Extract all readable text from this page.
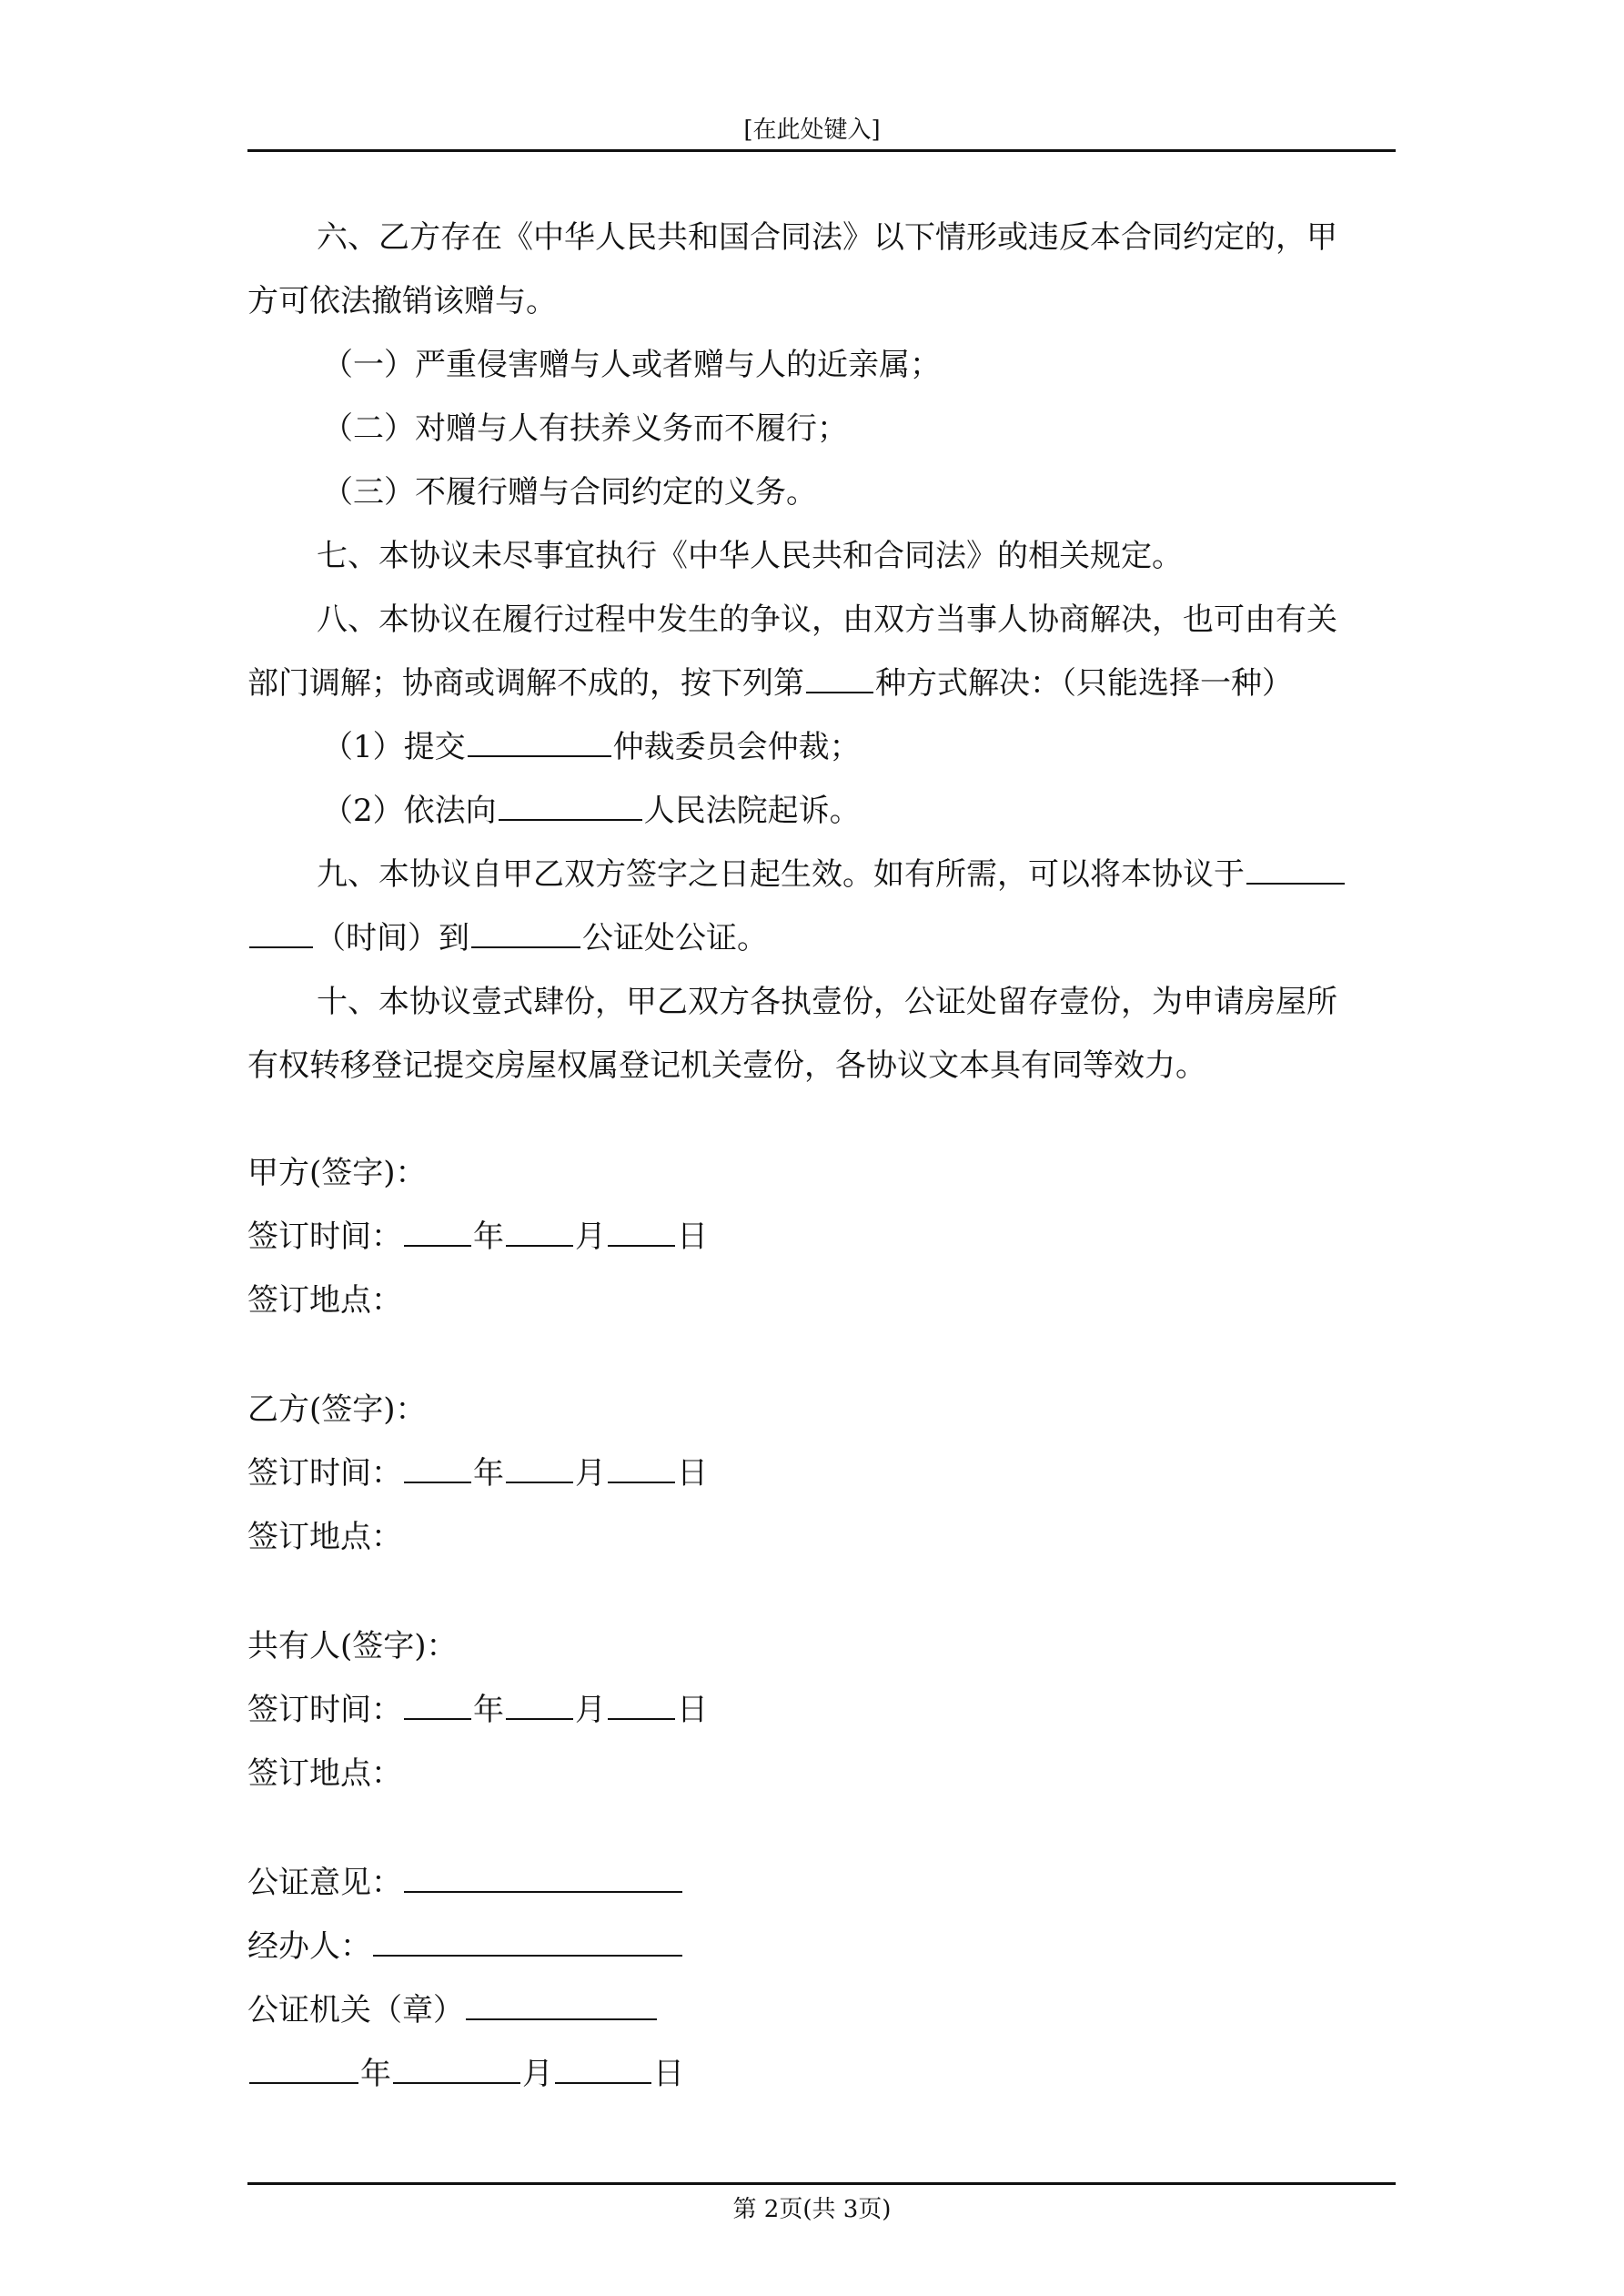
[在此处键入]
六、乙方存在《中华人民共和国合同法》以下情形或违反本合同约定的，甲
方可依法撤销该赠与。
（一）严重侵害赠与人或者赠与人的近亲属；
（二）对赠与人有扶养义务而不履行；
（三）不履行赠与合同约定的义务。
七、本协议未尽事宜执行《中华人民共和合同法》的相关规定。
八、本协议在履行过程中发生的争议，由双方当事人协商解决，也可由有关
部门调解；协商或调解不成的，按下列第 种方式解决：（只能选择一种）
（1）提交	仲裁委员会仲裁；
（2）依法向	人民法院起诉。
九、本协议自甲乙双方签字之日起生效。如有所需，可以将本协议于
（时间）到	公证处公证。
十、本协议壹式肆份，甲乙双方各执壹份，公证处留存壹份，为申请房屋所
有权转移登记提交房屋权属登记机关壹份，各协议文本具有同等效力。
甲方(签字)：
签订时间： 年 月 日
签订地点：
乙方(签字)：
签订时间： 年 月 日
签订地点：
共有人(签字)：
签订时间： 年 月 日
签订地点：
公证意见：
经办人：
公证机关（章）
年	月	日
第 2页(共 3页)
